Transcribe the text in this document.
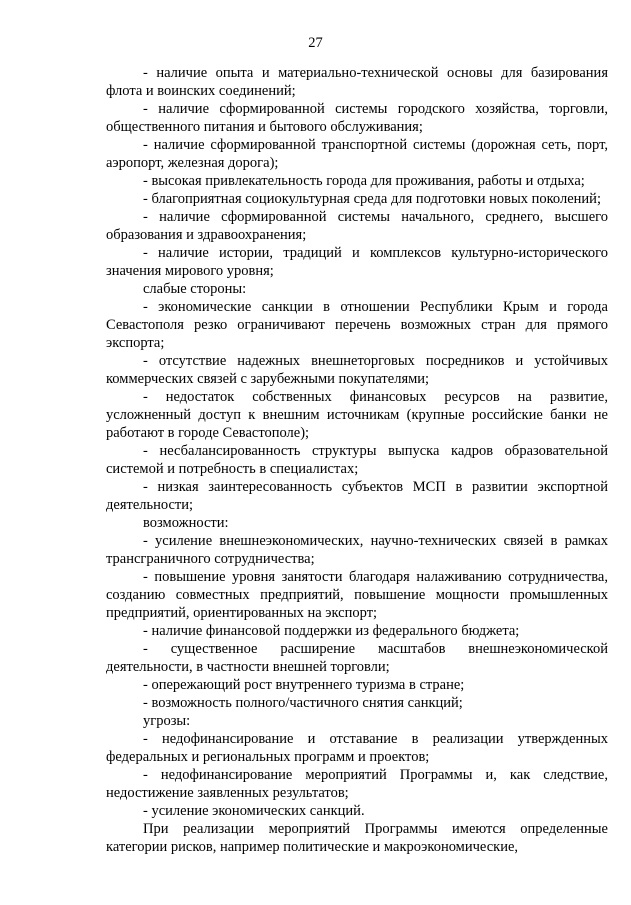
27

- наличие опыта и материально-технической основы для базирования флота и воинских соединений;

- наличие сформированной системы городского хозяйства, торговли, общественного питания и бытового обслуживания;

- наличие сформированной транспортной системы (дорожная сеть, порт, аэропорт, железная дорога);

- высокая привлекательность города для проживания, работы и отдыха;

- благоприятная социокультурная среда для подготовки новых поколений;

- наличие сформированной системы начального, среднего, высшего образования и здравоохранения;

- наличие истории, традиций и комплексов культурно-исторического значения мирового уровня;

слабые стороны:

- экономические санкции в отношении Республики Крым и города Севастополя резко ограничивают перечень возможных стран для прямого экспорта;

- отсутствие надежных внешнеторговых посредников и устойчивых коммерческих связей с зарубежными покупателями;

- недостаток собственных финансовых ресурсов на развитие, усложненный доступ к внешним источникам (крупные российские банки не работают в городе Севастополе);

- несбалансированность структуры выпуска кадров образовательной системой и потребность в специалистах;

- низкая заинтересованность субъектов МСП в развитии экспортной деятельности;

возможности:

- усиление внешнеэкономических, научно-технических связей в рамках трансграничного сотрудничества;

- повышение уровня занятости благодаря налаживанию сотрудничества, созданию совместных предприятий, повышение мощности промышленных предприятий, ориентированных на экспорт;

- наличие финансовой поддержки из федерального бюджета;

- существенное расширение масштабов внешнеэкономической деятельности, в частности внешней торговли;

- опережающий рост внутреннего туризма в стране;

- возможность полного/частичного снятия санкций;

угрозы:

- недофинансирование и отставание в реализации утвержденных федеральных и региональных программ и проектов;

- недофинансирование мероприятий Программы и, как следствие, недостижение заявленных результатов;

- усиление экономических санкций.

При реализации мероприятий Программы имеются определенные категории рисков, например политические и макроэкономические,
